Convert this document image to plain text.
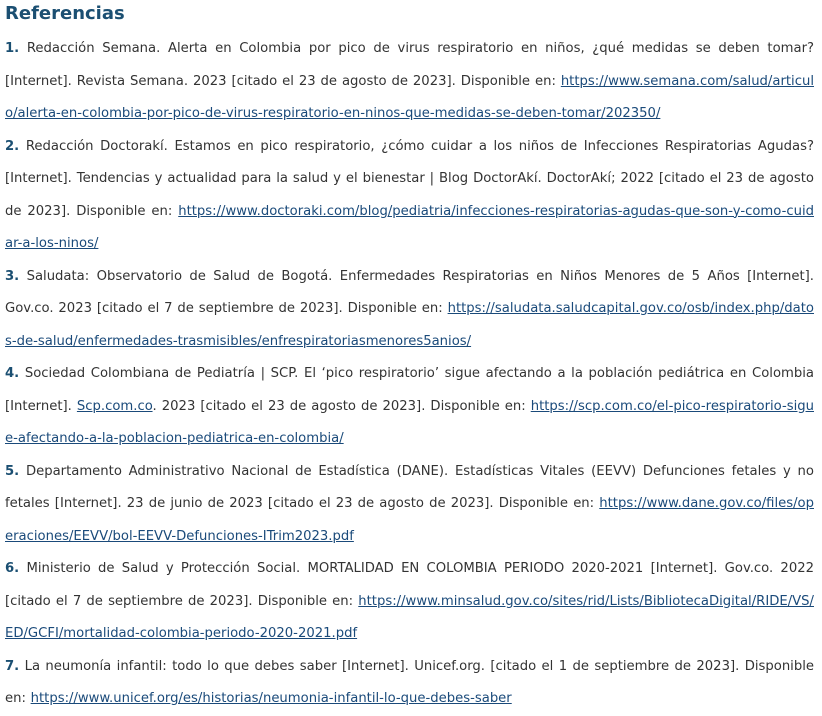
Referencias
1. Redacción Semana. Alerta en Colombia por pico de virus respiratorio en niños, ¿qué medidas se deben tomar? [Internet]. Revista Semana. 2023 [citado el 23 de agosto de 2023]. Disponible en: https://www.semana.com/salud/articulo/alerta-en-colombia-por-pico-de-virus-respiratorio-en-ninos-que-medidas-se-deben-tomar/202350/
2. Redacción Doctorakí. Estamos en pico respiratorio, ¿cómo cuidar a los niños de Infecciones Respiratorias Agudas? [Internet]. Tendencias y actualidad para la salud y el bienestar | Blog DoctorAkí. DoctorAkí; 2022 [citado el 23 de agosto de 2023]. Disponible en: https://www.doctoraki.com/blog/pediatria/infecciones-respiratorias-agudas-que-son-y-como-cuidar-a-los-ninos/
3. Saludata: Observatorio de Salud de Bogotá. Enfermedades Respiratorias en Niños Menores de 5 Años [Internet]. Gov.co. 2023 [citado el 7 de septiembre de 2023]. Disponible en: https://saludata.saludcapital.gov.co/osb/index.php/datos-de-salud/enfermedades-trasmisibles/enfrespiratoriasmenores5anios/
4. Sociedad Colombiana de Pediatría | SCP. El ‘pico respiratorio’ sigue afectando a la población pediátrica en Colombia [Internet]. Scp.com.co. 2023 [citado el 23 de agosto de 2023]. Disponible en: https://scp.com.co/el-pico-respiratorio-sigue-afectando-a-la-poblacion-pediatrica-en-colombia/
5. Departamento Administrativo Nacional de Estadística (DANE). Estadísticas Vitales (EEVV) Defunciones fetales y no fetales [Internet]. 23 de junio de 2023 [citado el 23 de agosto de 2023]. Disponible en: https://www.dane.gov.co/files/operaciones/EEVV/bol-EEVV-Defunciones-ITrim2023.pdf
6. Ministerio de Salud y Protección Social. MORTALIDAD EN COLOMBIA PERIODO 2020-2021 [Internet]. Gov.co. 2022 [citado el 7 de septiembre de 2023]. Disponible en: https://www.minsalud.gov.co/sites/rid/Lists/BibliotecaDigital/RIDE/VS/ED/GCFI/mortalidad-colombia-periodo-2020-2021.pdf
7. La neumonía infantil: todo lo que debes saber [Internet]. Unicef.org. [citado el 1 de septiembre de 2023]. Disponible en: https://www.unicef.org/es/historias/neumonia-infantil-lo-que-debes-saber
